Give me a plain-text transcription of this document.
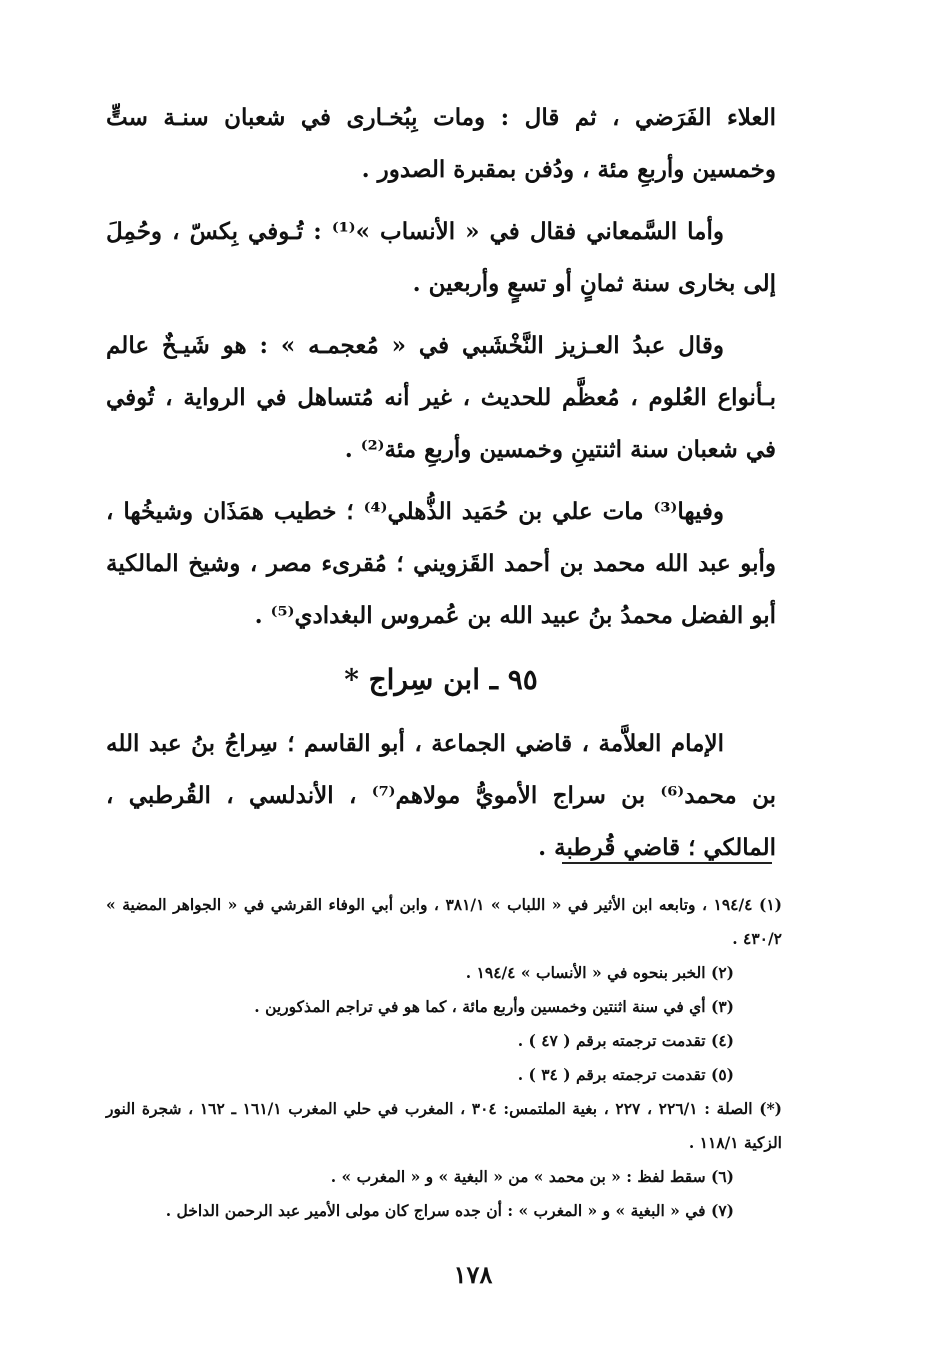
العلاء الفَرَضي ، ثم قال : ومات بِبُخـارى في شعبان سنـة ستٍّ وخمسين وأربعِ مئة ، ودُفن بمقبرة الصدور .

وأما السَّمعاني فقال في « الأنساب »⁽¹⁾ : تُـوفي بِكسّ ، وحُمِلَ إلى بخارى سنة ثمانٍ أو تسعٍ وأربعين .

وقال عبدُ العـزيز النَّخْشَبي في « مُعجمـه » : هو شَيـخٌ عالم بـأنواع العُلوم ، مُعظَّم للحديث ، غير أنه مُتساهل في الرواية ، تُوفي في شعبان سنة اثنتينِ وخمسين وأربعِ مئة⁽²⁾ .

وفيها⁽³⁾ مات علي بن حُمَيد الذُّهلي⁽⁴⁾ ؛ خطيب همَذَان وشيخُها ، وأبو عبد الله محمد بن أحمد القَزويني ؛ مُقرىء مصر ، وشيخ المالكية أبو الفضل محمدُ بنُ عبيد الله بن عُمروس البغدادي⁽⁵⁾ .

٩٥ ـ ابن سِراج *

الإمام العلاَّمة ، قاضي الجماعة ، أبو القاسم ؛ سِراجُ بنُ عبد الله بن محمد⁽⁶⁾ بن سراج الأمويُّ مولاهم⁽⁷⁾ ، الأندلسي ، القُرطبي ، المالكي ؛ قاضي قُرطبة .

(١) ١٩٤/٤ ، وتابعه ابن الأثير في « اللباب » ٣٨١/١ ، وابن أبي الوفاء القرشي في « الجواهر المضية » ٤٣٠/٢ .

(٢) الخبر بنحوه في « الأنساب » ١٩٤/٤ .

(٣) أي في سنة اثنتين وخمسين وأربع مائة ، كما هو في تراجم المذكورين .

(٤) تقدمت ترجمته برقم ( ٤٧ ) .

(٥) تقدمت ترجمته برقم ( ٣٤ ) .

(*) الصلة : ٢٢٦/١ ، ٢٢٧ ، بغية الملتمس: ٣٠٤ ، المغرب في حلي المغرب ١٦١/١ ـ ١٦٢ ، شجرة النور الزكية ١١٨/١ .

(٦) سقط لفظ : « بن محمد » من « البغية » و « المغرب » .

(٧) في « البغية » و « المغرب » : أن جده سراج كان مولى الأمير عبد الرحمن الداخل .

١٧٨
